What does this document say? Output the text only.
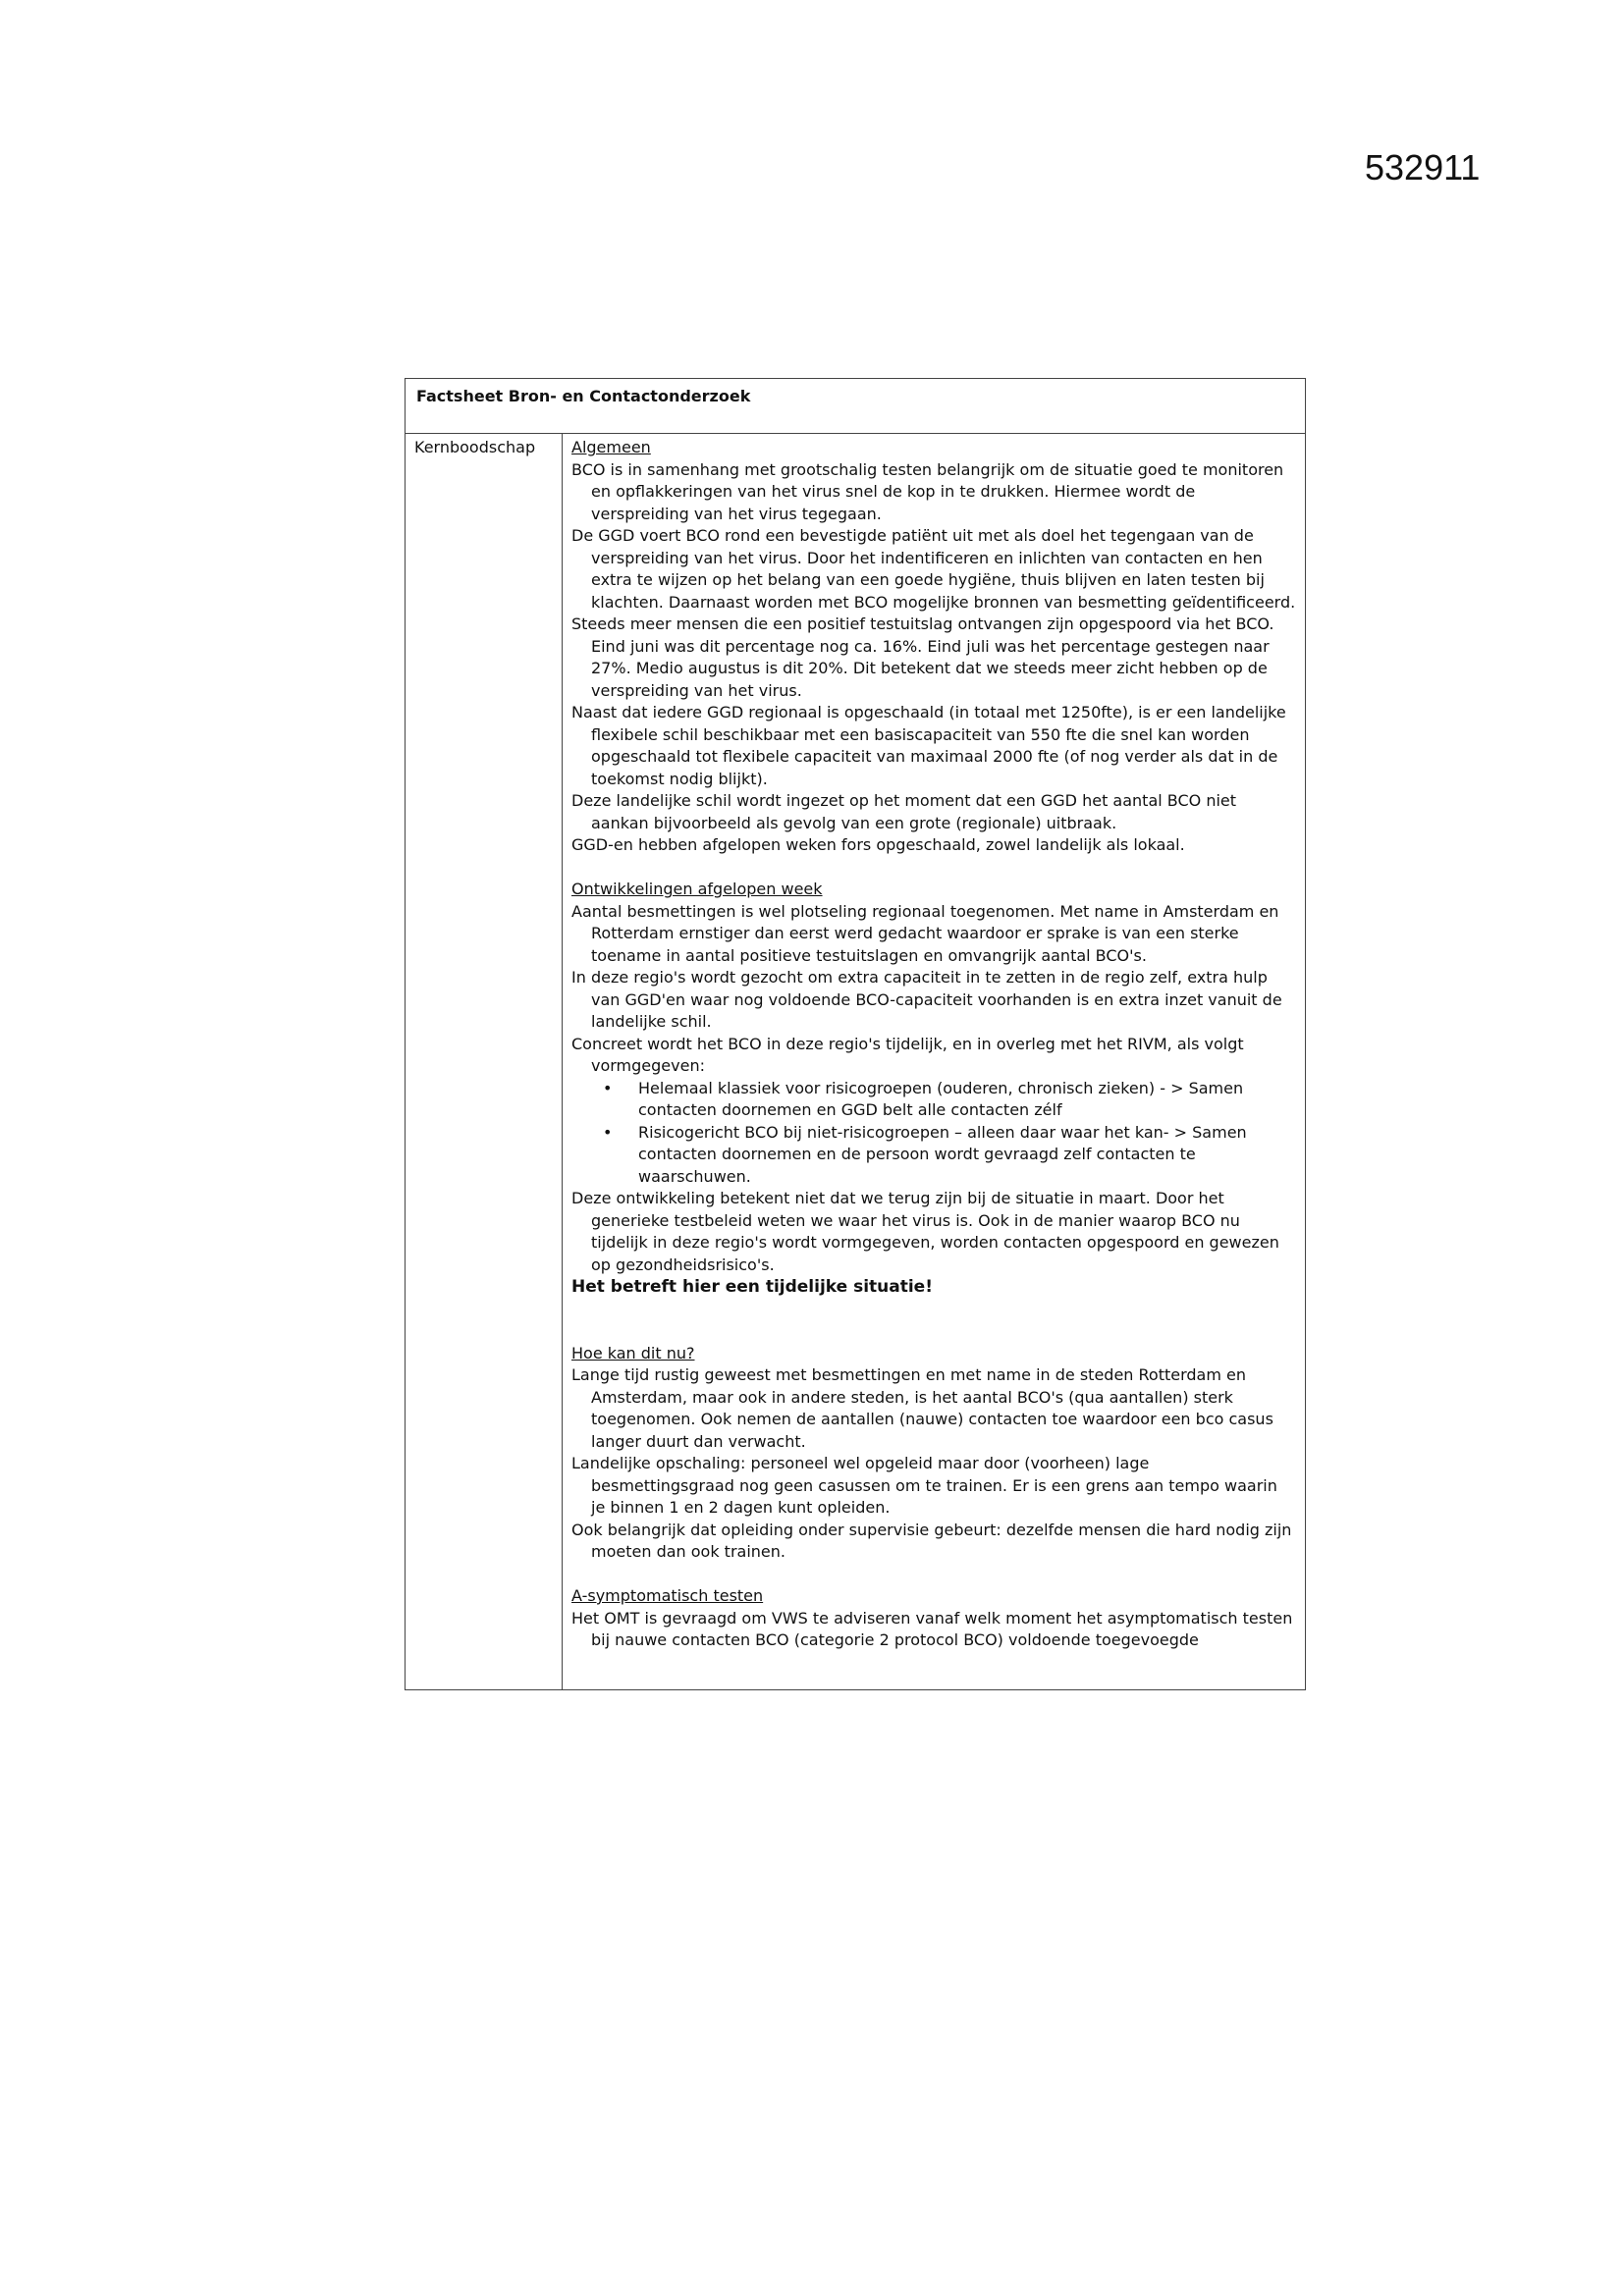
532911
Factsheet Bron- en Contactonderzoek
Kernboodschap	Algemeen
BCO is in samenhang met grootschalig testen belangrijk om de situatie goed te monitoren en opflakkeringen van het virus snel de kop in te drukken. Hiermee wordt de verspreiding van het virus tegegaan.
De GGD voert BCO rond een bevestigde patiënt uit met als doel het tegengaan van de verspreiding van het virus. Door het indentificeren en inlichten van contacten en hen extra te wijzen op het belang van een goede hygiëne, thuis blijven en laten testen bij klachten. Daarnaast worden met BCO mogelijke bronnen van besmetting geïdentificeerd.
Steeds meer mensen die een positief testuitslag ontvangen zijn opgespoord via het BCO. Eind juni was dit percentage nog ca. 16%. Eind juli was het percentage gestegen naar 27%. Medio augustus is dit 20%. Dit betekent dat we steeds meer zicht hebben op de verspreiding van het virus.
Naast dat iedere GGD regionaal is opgeschaald (in totaal met 1250fte), is er een landelijke flexibele schil beschikbaar met een basiscapaciteit van 550 fte die snel kan worden opgeschaald tot flexibele capaciteit van maximaal 2000 fte (of nog verder als dat in de toekomst nodig blijkt).
Deze landelijke schil wordt ingezet op het moment dat een GGD het aantal BCO niet aankan bijvoorbeeld als gevolg van een grote (regionale) uitbraak.
GGD-en hebben afgelopen weken fors opgeschaald, zowel landelijk als lokaal.
Ontwikkelingen afgelopen week
Aantal besmettingen is wel plotseling regionaal toegenomen. Met name in Amsterdam en Rotterdam ernstiger dan eerst werd gedacht waardoor er sprake is van een sterke toename in aantal positieve testuitslagen en omvangrijk aantal BCO's.
In deze regio's wordt gezocht om extra capaciteit in te zetten in de regio zelf, extra hulp van GGD'en waar nog voldoende BCO-capaciteit voorhanden is en extra inzet vanuit de landelijke schil.
Concreet wordt het BCO in deze regio's tijdelijk, en in overleg met het RIVM, als volgt vormgegeven:
• Helemaal klassiek voor risicogroepen (ouderen, chronisch zieken) - > Samen contacten doornemen en GGD belt alle contacten zélf
• Risicogericht BCO bij niet-risicogroepen – alleen daar waar het kan- > Samen contacten doornemen en de persoon wordt gevraagd zelf contacten te waarschuwen.
Deze ontwikkeling betekent niet dat we terug zijn bij de situatie in maart. Door het generieke testbeleid weten we waar het virus is. Ook in de manier waarop BCO nu tijdelijk in deze regio's wordt vormgegeven, worden contacten opgespoord en gewezen op gezondheidsrisico's.
Het betreft hier een tijdelijke situatie!
Hoe kan dit nu?
Lange tijd rustig geweest met besmettingen en met name in de steden Rotterdam en Amsterdam, maar ook in andere steden, is het aantal BCO's (qua aantallen) sterk toegenomen. Ook nemen de aantallen (nauwe) contacten toe waardoor een bco casus langer duurt dan verwacht.
Landelijke opschaling: personeel wel opgeleid maar door (voorheen) lage besmettingsgraad nog geen casussen om te trainen. Er is een grens aan tempo waarin je binnen 1 en 2 dagen kunt opleiden.
Ook belangrijk dat opleiding onder supervisie gebeurt: dezelfde mensen die hard nodig zijn moeten dan ook trainen.
A-symptomatisch testen
Het OMT is gevraagd om VWS te adviseren vanaf welk moment het asymptomatisch testen bij nauwe contacten BCO (categorie 2 protocol BCO) voldoende toegevoegde
